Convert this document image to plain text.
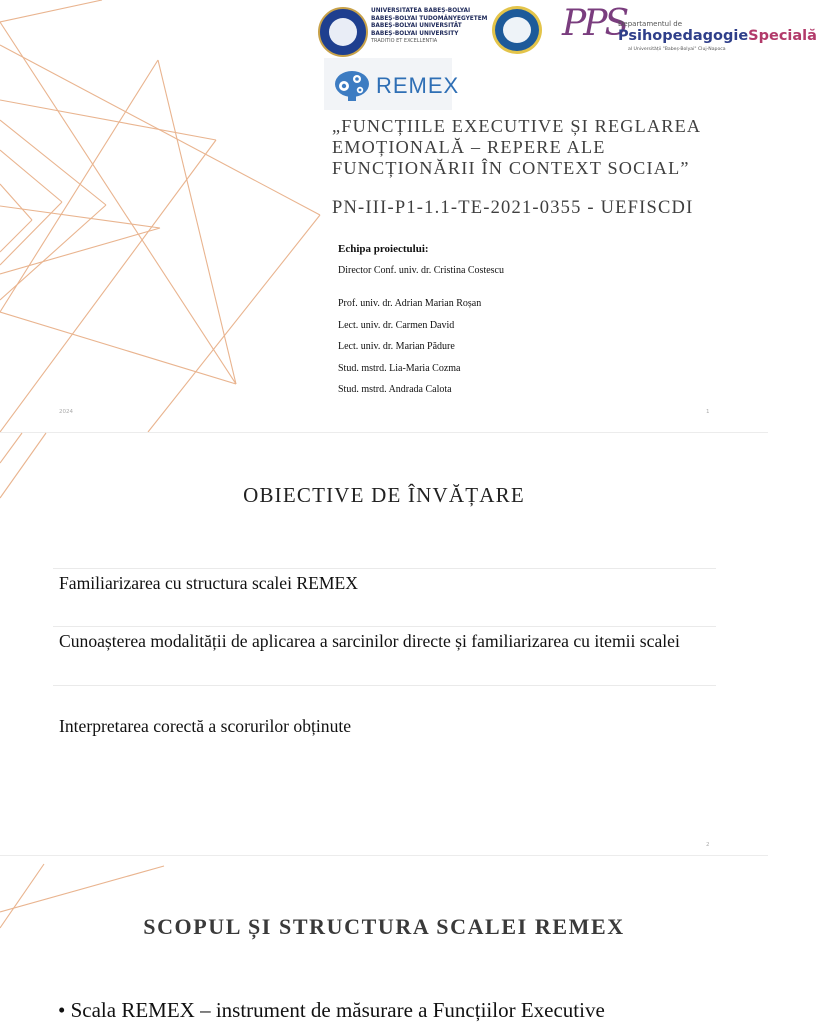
UNIVERSITATEA BABEȘ-BOLYAI
BABEȘ-BOLYAI TUDOMÁNYEGYETEM
BABEȘ-BOLYAI UNIVERSITÄT
BABEȘ-BOLYAI UNIVERSITY
TRADITIO ET EXCELLENTIA	PPS
Departamentul de
PsihopedagogieSpecială
al Universității "Babeș-Bolyai" Cluj-Napoca
REMEX
„FUNCȚIILE EXECUTIVE ȘI REGLAREA EMOȚIONALĂ – REPERE ALE FUNCȚIONĂRII ÎN CONTEXT SOCIAL”
PN-III-P1-1.1-TE-2021-0355 - UEFISCDI
Echipa proiectului:
Director Conf. univ. dr. Cristina Costescu
Prof. univ. dr. Adrian Marian Roșan
Lect. univ. dr. Carmen David
Lect. univ. dr. Marian Pădure
Stud. mstrd. Lia-Maria Cozma
Stud. mstrd. Andrada Calota
2024	1
OBIECTIVE DE ÎNVĂȚARE
Familiarizarea cu structura scalei REMEX
Cunoașterea modalității de aplicarea a sarcinilor directe și familiarizarea cu itemii scalei
Interpretarea corectă a scorurilor obținute
2
SCOPUL ȘI STRUCTURA SCALEI REMEX
• Scala REMEX – instrument de măsurare a Funcțiilor Executive
